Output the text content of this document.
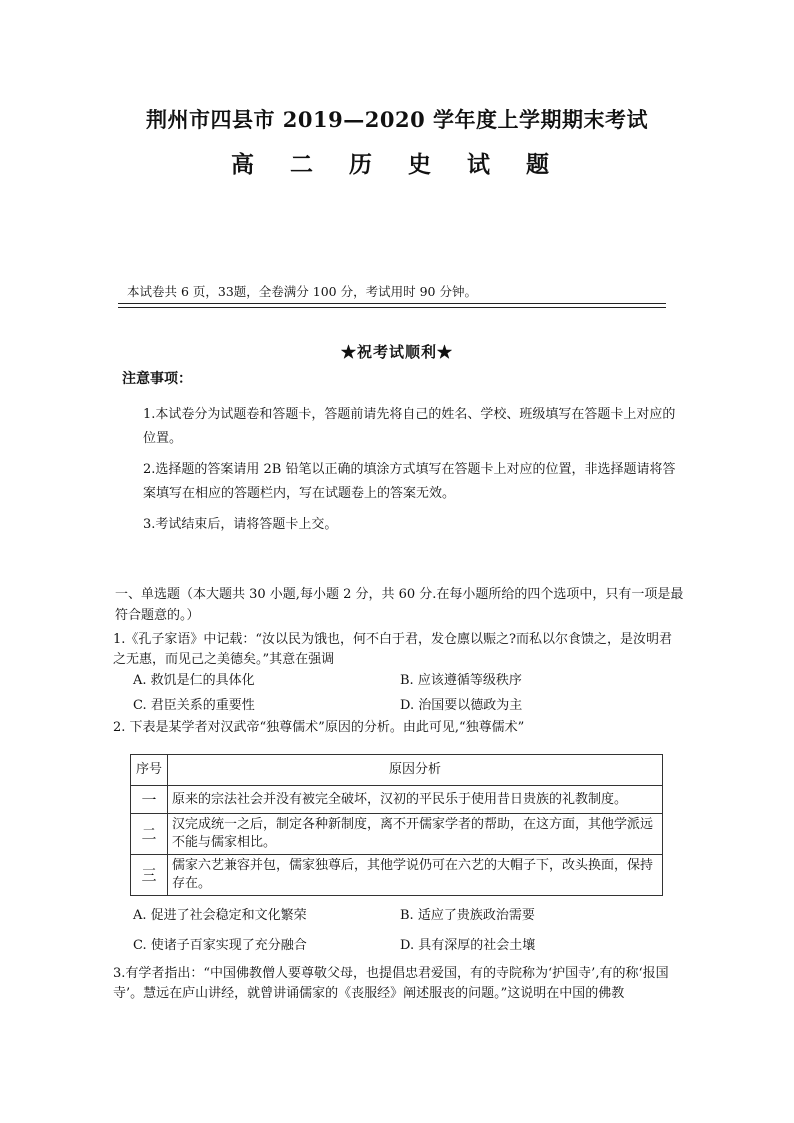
荆州市四县市 2019—2020 学年度上学期期末考试
高 二 历 史 试 题
本试卷共 6 页，33题，全卷满分 100 分，考试用时 90 分钟。
★祝考试顺利★
注意事项：
1.本试卷分为试题卷和答题卡，答题前请先将自己的姓名、学校、班级填写在答题卡上对应的位置。
2.选择题的答案请用 2B 铅笔以正确的填涂方式填写在答题卡上对应的位置，非选择题请将答案填写在相应的答题栏内，写在试题卷上的答案无效。
3.考试结束后，请将答题卡上交。
一、单选题（本大题共 30 小题,每小题 2 分，共 60 分.在每小题所给的四个选项中，只有一项是最符合题意的。）
1.《孔子家语》中记载：“汝以民为饿也，何不白于君，发仓廪以赈之?而私以尔食馈之，是汝明君之无惠，而见己之美德矣。”其意在强调
A. 救饥是仁的具体化	B. 应该遵循等级秩序
C. 君臣关系的重要性	D. 治国要以德政为主
2. 下表是某学者对汉武帝“独尊儒术”原因的分析。由此可见,“独尊儒术”
序号	原因分析
一	原来的宗法社会并没有被完全破坏，汉初的平民乐于使用昔日贵族的礼教制度。
二	汉完成统一之后，制定各种新制度，离不开儒家学者的帮助，在这方面，其他学派远不能与儒家相比。
三	儒家六艺兼容并包，儒家独尊后，其他学说仍可在六艺的大帽子下，改头换面，保持存在。
A. 促进了社会稳定和文化繁荣	B. 适应了贵族政治需要
C. 使诸子百家实现了充分融合	D. 具有深厚的社会土壤
3.有学者指出：“中国佛教僧人要尊敬父母，也提倡忠君爱国，有的寺院称为‘护国寺’,有的称‘报国寺’。慧远在庐山讲经，就曾讲诵儒家的《丧服经》阐述服丧的问题。”这说明在中国的佛教
